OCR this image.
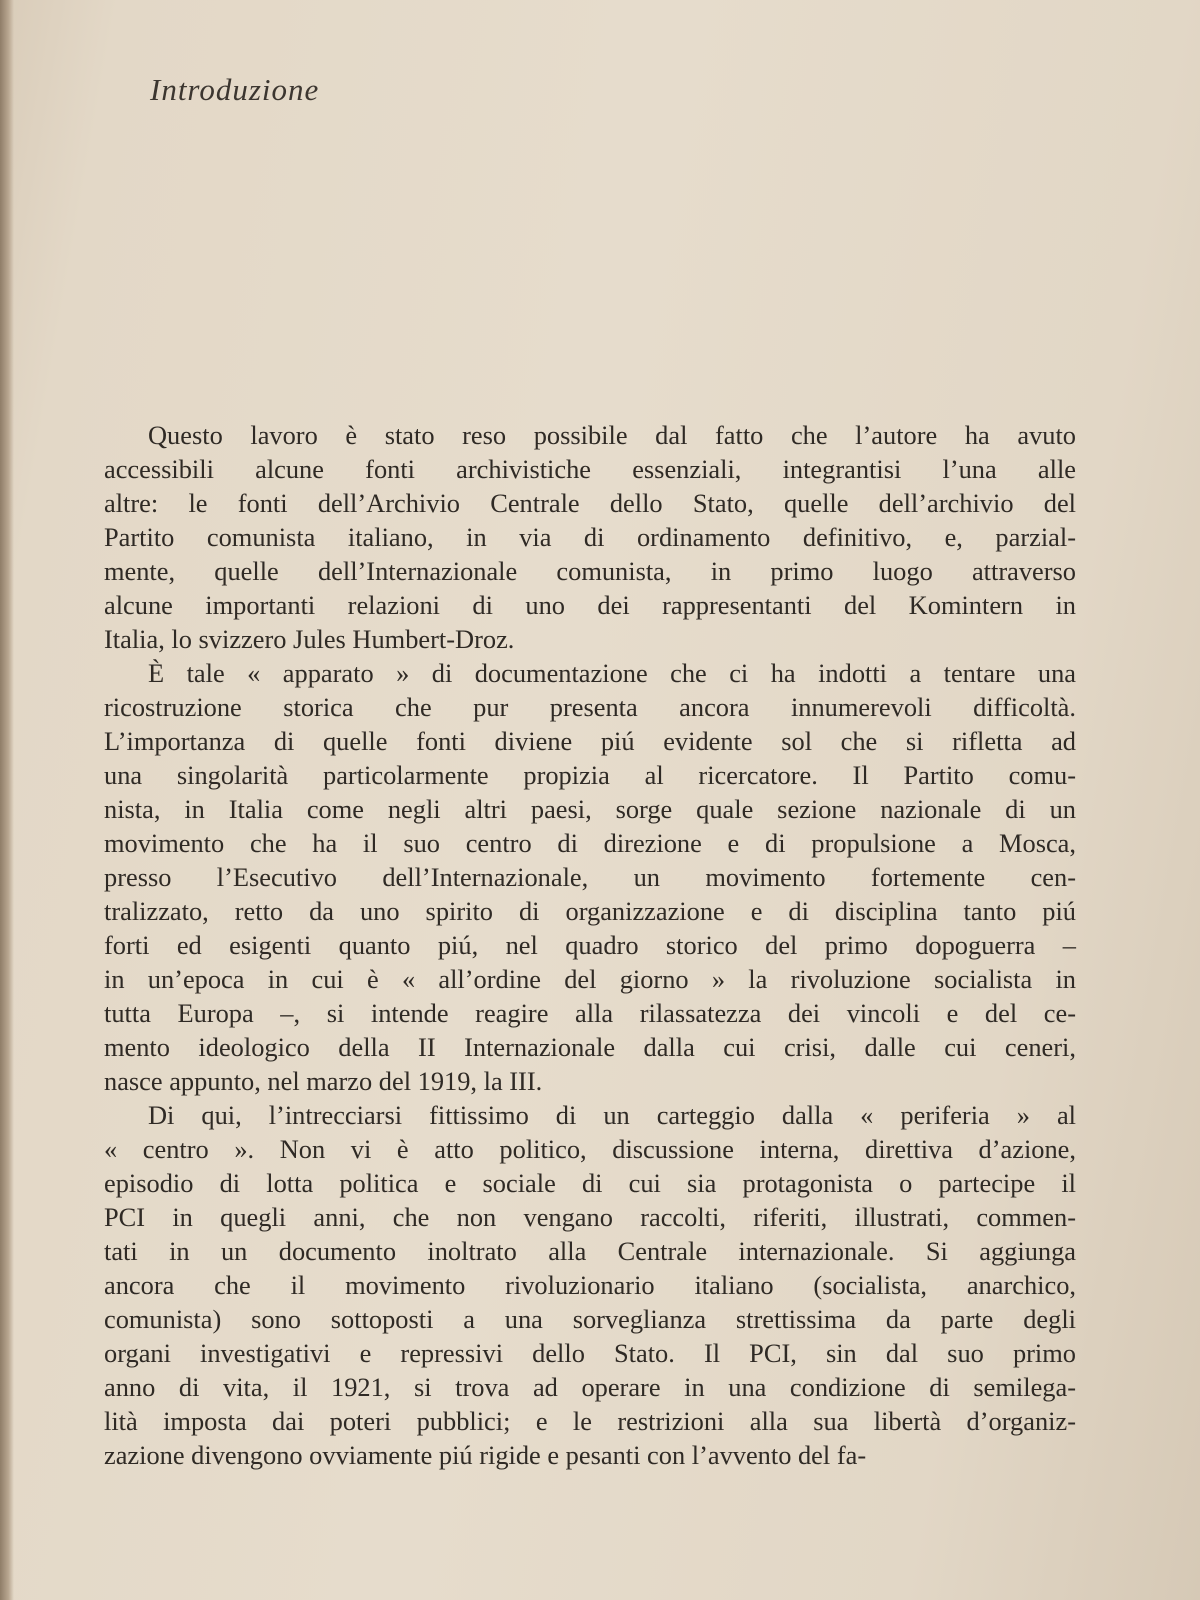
Introduzione

Questo lavoro è stato reso possibile dal fatto che l’autore ha avuto
accessibili alcune fonti archivistiche essenziali, integrantisi l’una alle
altre: le fonti dell’Archivio Centrale dello Stato, quelle dell’archivio del
Partito comunista italiano, in via di ordinamento definitivo, e, parzial-
mente, quelle dell’Internazionale comunista, in primo luogo attraverso
alcune importanti relazioni di uno dei rappresentanti del Komintern in
Italia, lo svizzero Jules Humbert-Droz.

È tale « apparato » di documentazione che ci ha indotti a tentare una
ricostruzione storica che pur presenta ancora innumerevoli difficoltà.
L’importanza di quelle fonti diviene piú evidente sol che si rifletta ad
una singolarità particolarmente propizia al ricercatore. Il Partito comu-
nista, in Italia come negli altri paesi, sorge quale sezione nazionale di un
movimento che ha il suo centro di direzione e di propulsione a Mosca,
presso l’Esecutivo dell’Internazionale, un movimento fortemente cen-
tralizzato, retto da uno spirito di organizzazione e di disciplina tanto piú
forti ed esigenti quanto piú, nel quadro storico del primo dopoguerra –
in un’epoca in cui è « all’ordine del giorno » la rivoluzione socialista in
tutta Europa –, si intende reagire alla rilassatezza dei vincoli e del ce-
mento ideologico della II Internazionale dalla cui crisi, dalle cui ceneri,
nasce appunto, nel marzo del 1919, la III.

Di qui, l’intrecciarsi fittissimo di un carteggio dalla « periferia » al
« centro ». Non vi è atto politico, discussione interna, direttiva d’azione,
episodio di lotta politica e sociale di cui sia protagonista o partecipe il
PCI in quegli anni, che non vengano raccolti, riferiti, illustrati, commen-
tati in un documento inoltrato alla Centrale internazionale. Si aggiunga
ancora che il movimento rivoluzionario italiano (socialista, anarchico,
comunista) sono sottoposti a una sorveglianza strettissima da parte degli
organi investigativi e repressivi dello Stato. Il PCI, sin dal suo primo
anno di vita, il 1921, si trova ad operare in una condizione di semilega-
lità imposta dai poteri pubblici; e le restrizioni alla sua libertà d’organiz-
zazione divengono ovviamente piú rigide e pesanti con l’avvento del fa-
